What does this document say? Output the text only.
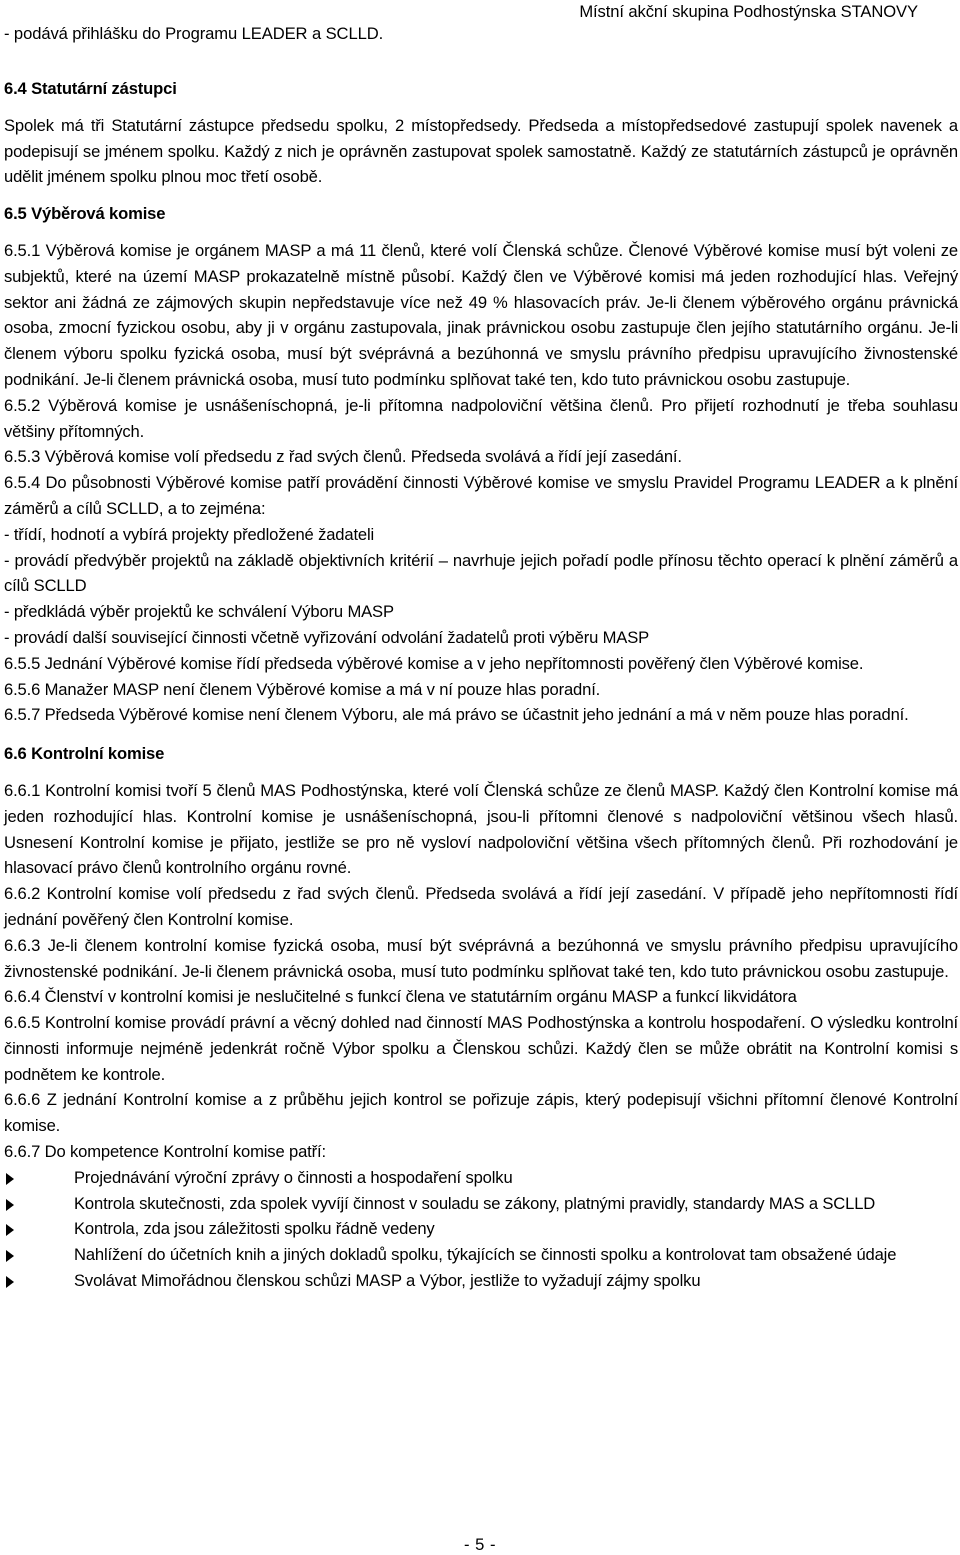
Místní akční skupina Podhostýnska STANOVY
- podává přihlášku do Programu LEADER a SCLLD.

6.4 Statutární zástupci

Spolek má tři Statutární zástupce předsedu spolku, 2 místopředsedy. Předseda a místopředsedové zastupují spolek navenek a podepisují se jménem spolku. Každý z nich je oprávněn zastupovat spolek samostatně. Každý ze statutárních zástupců je oprávněn udělit jménem spolku plnou moc třetí osobě.

6.5 Výběrová komise

6.5.1 Výběrová komise je orgánem MASP a má 11 členů, které volí Členská schůze. Členové Výběrové komise musí být voleni ze subjektů, které na území MASP prokazatelně místně působí. Každý člen ve Výběrové komisi má jeden rozhodující hlas. Veřejný sektor ani žádná ze zájmových skupin nepředstavuje více než 49 % hlasovacích práv. Je-li členem výběrového orgánu právnická osoba, zmocní fyzickou osobu, aby ji v orgánu zastupovala, jinak právnickou osobu zastupuje člen jejího statutárního orgánu. Je-li členem výboru spolku fyzická osoba, musí být svéprávná a bezúhonná ve smyslu právního předpisu upravujícího živnostenské podnikání. Je-li členem právnická osoba, musí tuto podmínku splňovat také ten, kdo tuto právnickou osobu zastupuje.

6.5.2 Výběrová komise je usnášeníschopná, je-li přítomna nadpoloviční většina členů. Pro přijetí rozhodnutí je třeba souhlasu většiny přítomných.

6.5.3 Výběrová komise volí předsedu z řad svých členů. Předseda svolává a řídí její zasedání.

6.5.4 Do působnosti Výběrové komise patří provádění činnosti Výběrové komise ve smyslu Pravidel Programu LEADER a k plnění záměrů a cílů SCLLD, a to zejména:

- třídí, hodnotí a vybírá projekty předložené žadateli

- provádí předvýběr projektů na základě objektivních kritérií – navrhuje jejich pořadí podle přínosu těchto operací k plnění záměrů a cílů SCLLD

- předkládá výběr projektů ke schválení Výboru MASP

- provádí další související činnosti včetně vyřizování odvolání žadatelů proti výběru MASP

6.5.5 Jednání Výběrové komise řídí předseda výběrové komise a v jeho nepřítomnosti pověřený člen Výběrové komise.

6.5.6 Manažer MASP není členem Výběrové komise a má v ní pouze hlas poradní.

6.5.7 Předseda Výběrové komise není členem Výboru, ale má právo se účastnit jeho jednání a má v něm pouze hlas poradní.

6.6 Kontrolní komise

6.6.1 Kontrolní komisi tvoří 5 členů MAS Podhostýnska, které volí Členská schůze ze členů MASP. Každý člen Kontrolní komise má jeden rozhodující hlas. Kontrolní komise je usnášeníschopná, jsou-li přítomni členové s nadpoloviční většinou všech hlasů. Usnesení Kontrolní komise je přijato, jestliže se pro ně vysloví nadpoloviční většina všech přítomných členů. Při rozhodování je hlasovací právo členů kontrolního orgánu rovné.

6.6.2 Kontrolní komise volí předsedu z řad svých členů. Předseda svolává a řídí její zasedání. V případě jeho nepřítomnosti řídí jednání pověřený člen Kontrolní komise.

6.6.3 Je-li členem kontrolní komise fyzická osoba, musí být svéprávná a bezúhonná ve smyslu právního předpisu upravujícího živnostenské podnikání. Je-li členem právnická osoba, musí tuto podmínku splňovat také ten, kdo tuto právnickou osobu zastupuje.

6.6.4 Členství v kontrolní komisi je neslučitelné s funkcí člena ve statutárním orgánu MASP a funkcí likvidátora

6.6.5 Kontrolní komise provádí právní a věcný dohled nad činností MAS Podhostýnska a kontrolu hospodaření. O výsledku kontrolní činnosti informuje nejméně jedenkrát ročně Výbor spolku a Členskou schůzi. Každý člen se může obrátit na Kontrolní komisi s podnětem ke kontrole.

6.6.6 Z jednání Kontrolní komise a z průběhu jejich kontrol se pořizuje zápis, který podepisují všichni přítomní členové Kontrolní komise.

6.6.7 Do kompetence Kontrolní komise patří:

Projednávání výroční zprávy o činnosti a hospodaření spolku
Kontrola skutečnosti, zda spolek vyvíjí činnost v souladu se zákony, platnými pravidly, standardy MAS a SCLLD
Kontrola, zda jsou záležitosti spolku řádně vedeny
Nahlížení do účetních knih a jiných dokladů spolku, týkajících se činnosti spolku a kontrolovat tam obsažené údaje
Svolávat Mimořádnou členskou schůzi MASP a Výbor, jestliže to vyžadují zájmy spolku
- 5 -
